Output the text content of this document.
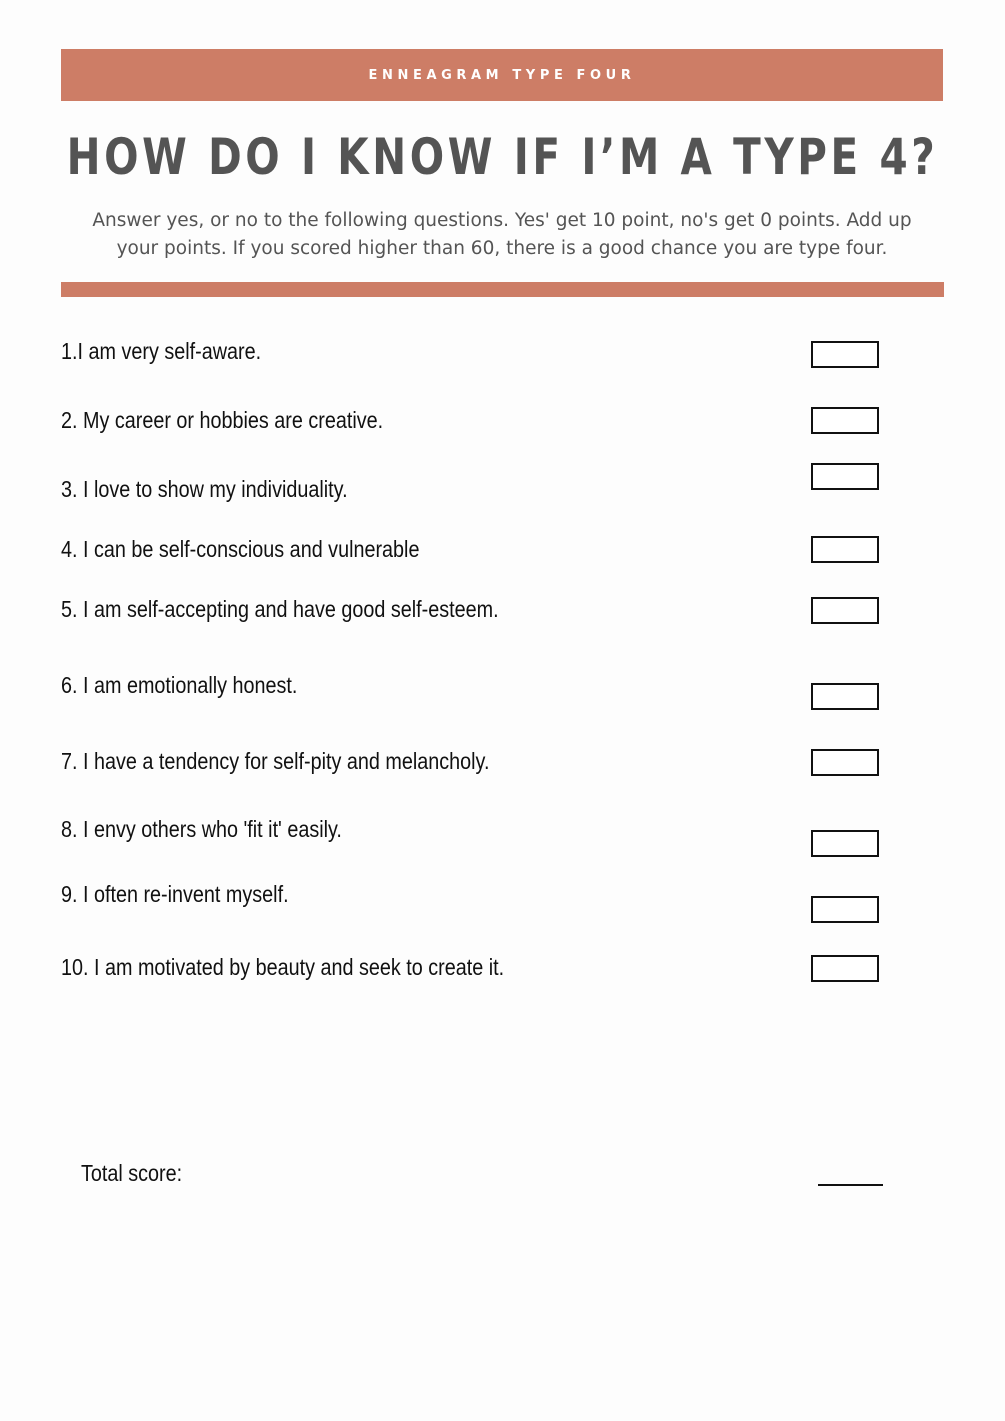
ENNEAGRAM TYPE FOUR
HOW DO I KNOW IF I’M A TYPE 4?
Answer yes, or no to the following questions. Yes' get 10 point, no's get 0 points. Add up your points. If you scored higher than 60, there is a good chance you are type four.
1.I am very self-aware.
2. My career or hobbies are creative.
3. I love to show my individuality.
4. I can be self-conscious and vulnerable
5. I am self-accepting and have good self-esteem.
6. I am emotionally honest.
7. I have a tendency for self-pity and melancholy.
8. I envy others who 'fit it' easily.
9. I often re-invent myself.
10. I am motivated by beauty and seek to create it.
Total score:
